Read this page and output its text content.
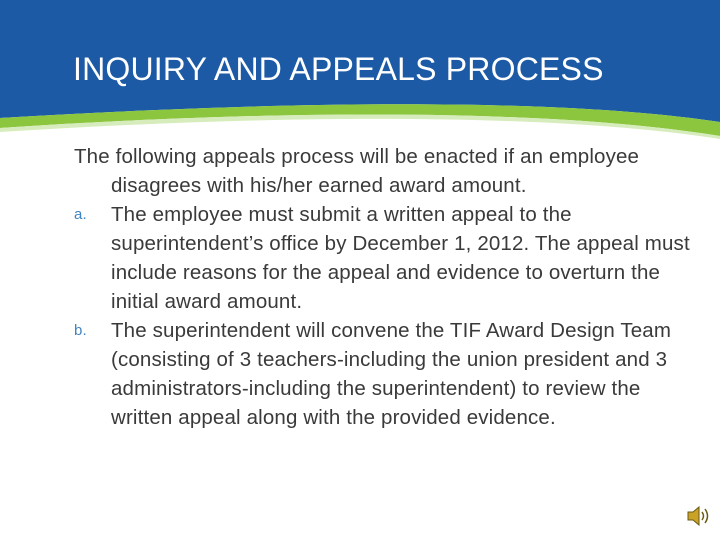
INQUIRY AND APPEALS PROCESS

The following appeals process will be enacted if an employee disagrees with his/her earned award amount.

a. The employee must submit a written appeal to the superintendent’s office by December 1, 2012. The appeal must include reasons for the appeal and evidence to overturn the initial award amount.
b. The superintendent will convene the TIF Award Design Team (consisting of 3 teachers-including the union president and 3 administrators-including the superintendent) to review the written appeal along with the provided evidence.
